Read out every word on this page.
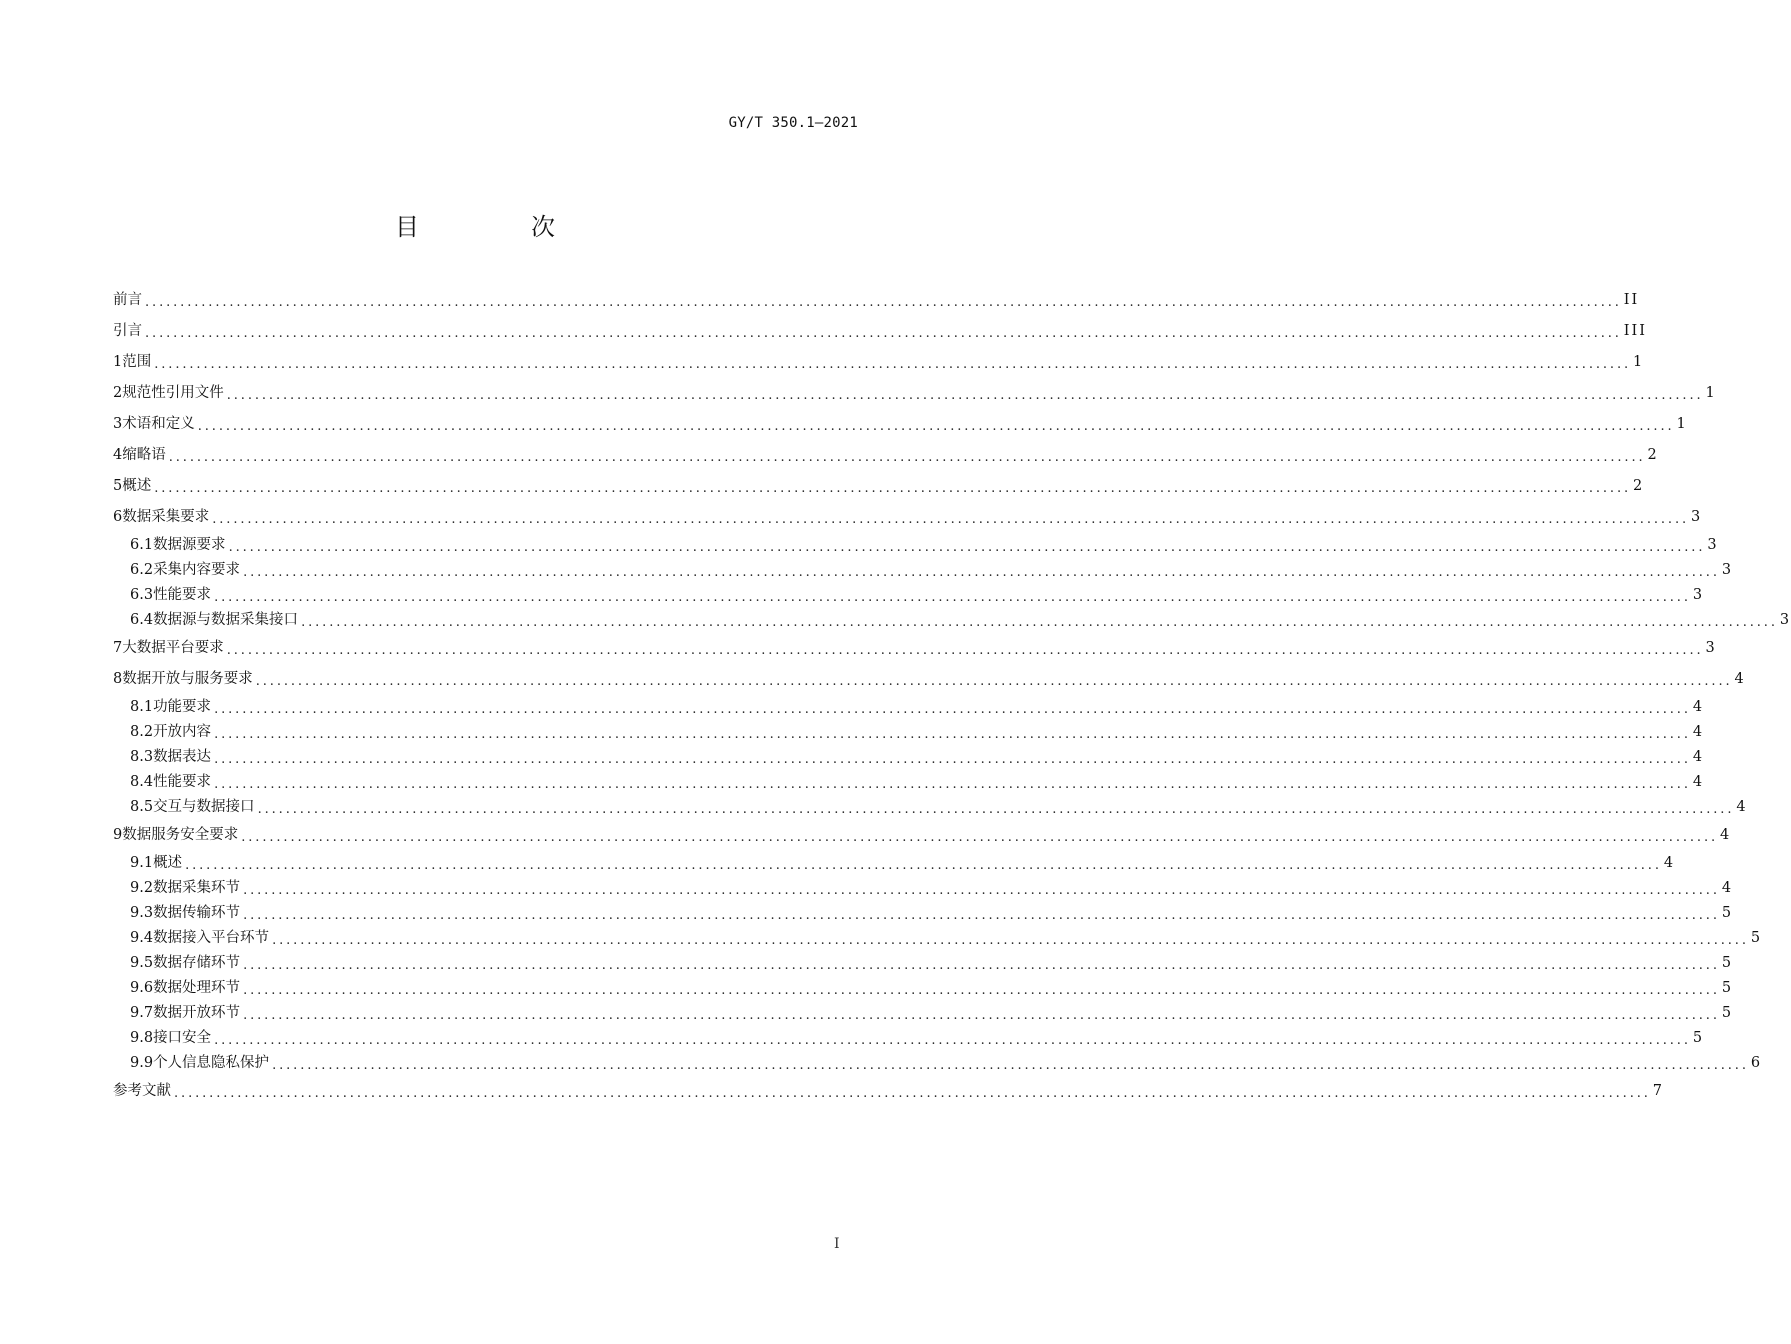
GY/T 350.1—2021
目　次
前言 .....	II
引言 .....	III
1 范围 .....	1
2 规范性引用文件 .....	1
3 术语和定义 .....	1
4 缩略语 .....	2
5 概述 .....	2
6 数据采集要求 .....	3
6.1 数据源要求 .....	3
6.2 采集内容要求 .....	3
6.3 性能要求 .....	3
6.4 数据源与数据采集接口 .....	3
7 大数据平台要求 .....	3
8 数据开放与服务要求 .....	4
8.1 功能要求 .....	4
8.2 开放内容 .....	4
8.3 数据表达 .....	4
8.4 性能要求 .....	4
8.5 交互与数据接口 .....	4
9 数据服务安全要求 .....	4
9.1 概述 .....	4
9.2 数据采集环节 .....	4
9.3 数据传输环节 .....	5
9.4 数据接入平台环节 .....	5
9.5 数据存储环节 .....	5
9.6 数据处理环节 .....	5
9.7 数据开放环节 .....	5
9.8 接口安全 .....	5
9.9 个人信息隐私保护 .....	6
参考文献 .....	7
I
